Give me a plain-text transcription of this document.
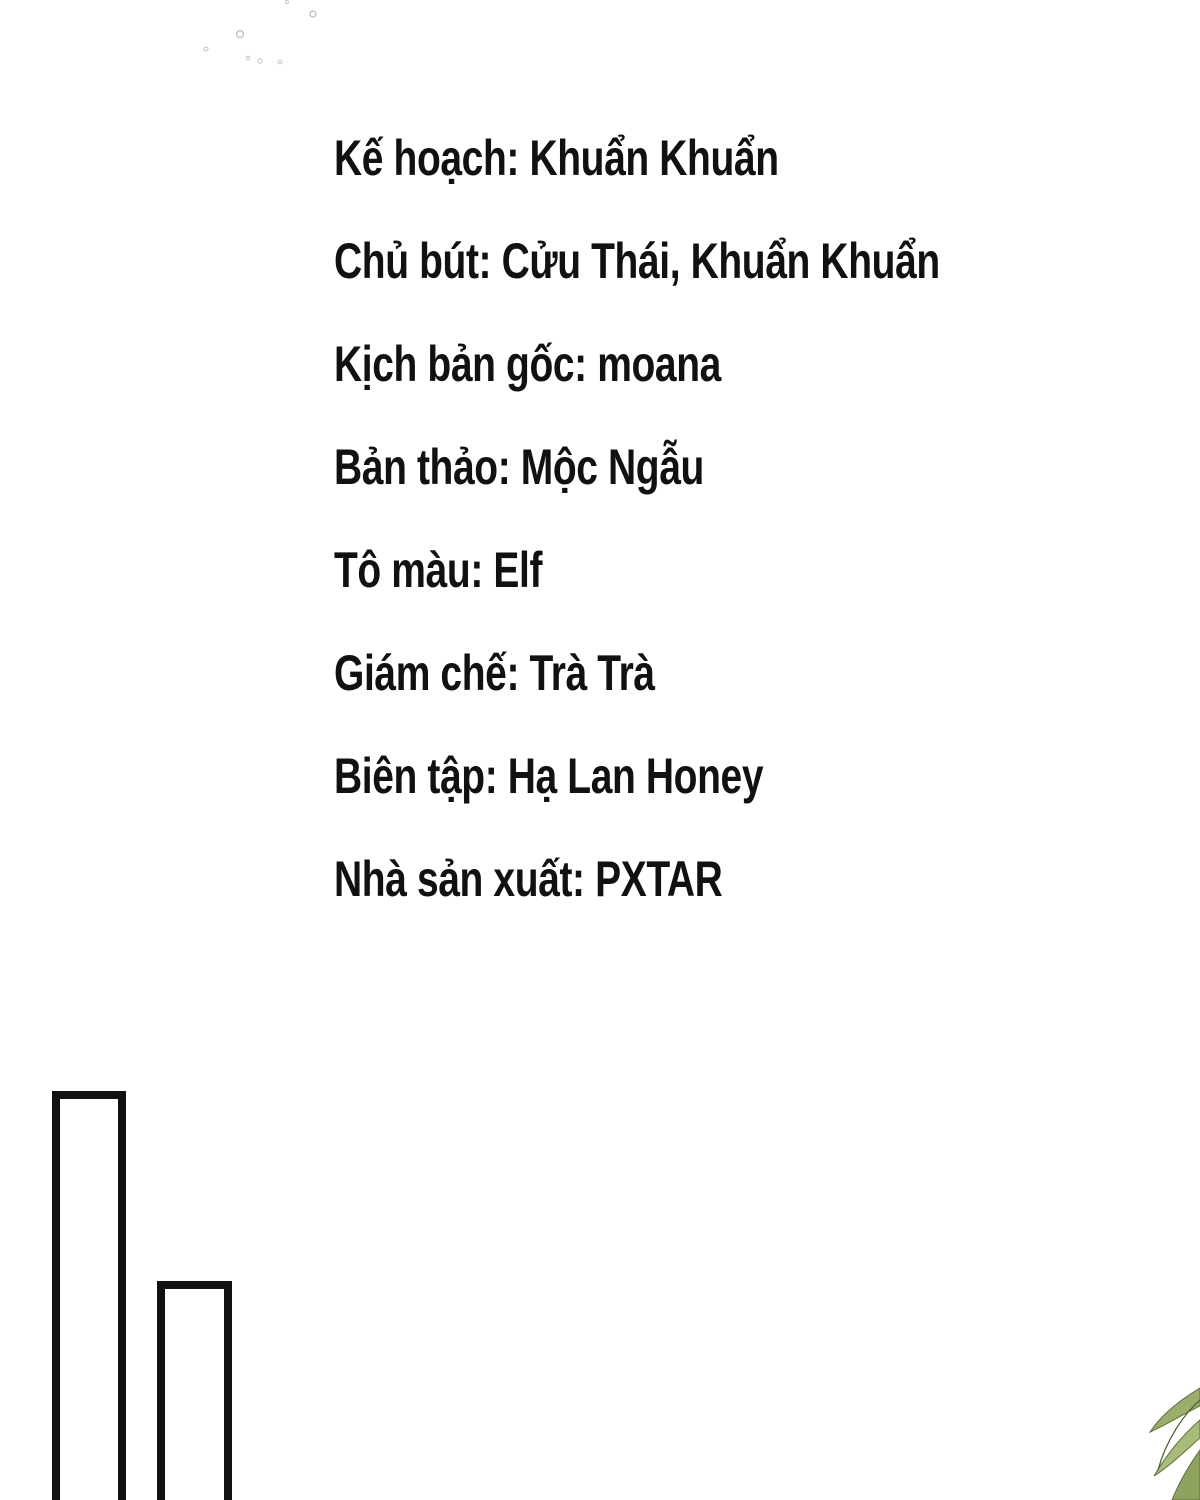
Kế hoạch: Khuẩn Khuẩn
Chủ bút: Cửu Thái, Khuẩn Khuẩn
Kịch bản gốc: moana
Bản thảo: Mộc Ngẫu
Tô màu: Elf
Giám chế: Trà Trà
Biên tập: Hạ Lan Honey
Nhà sản xuất: PXTAR
